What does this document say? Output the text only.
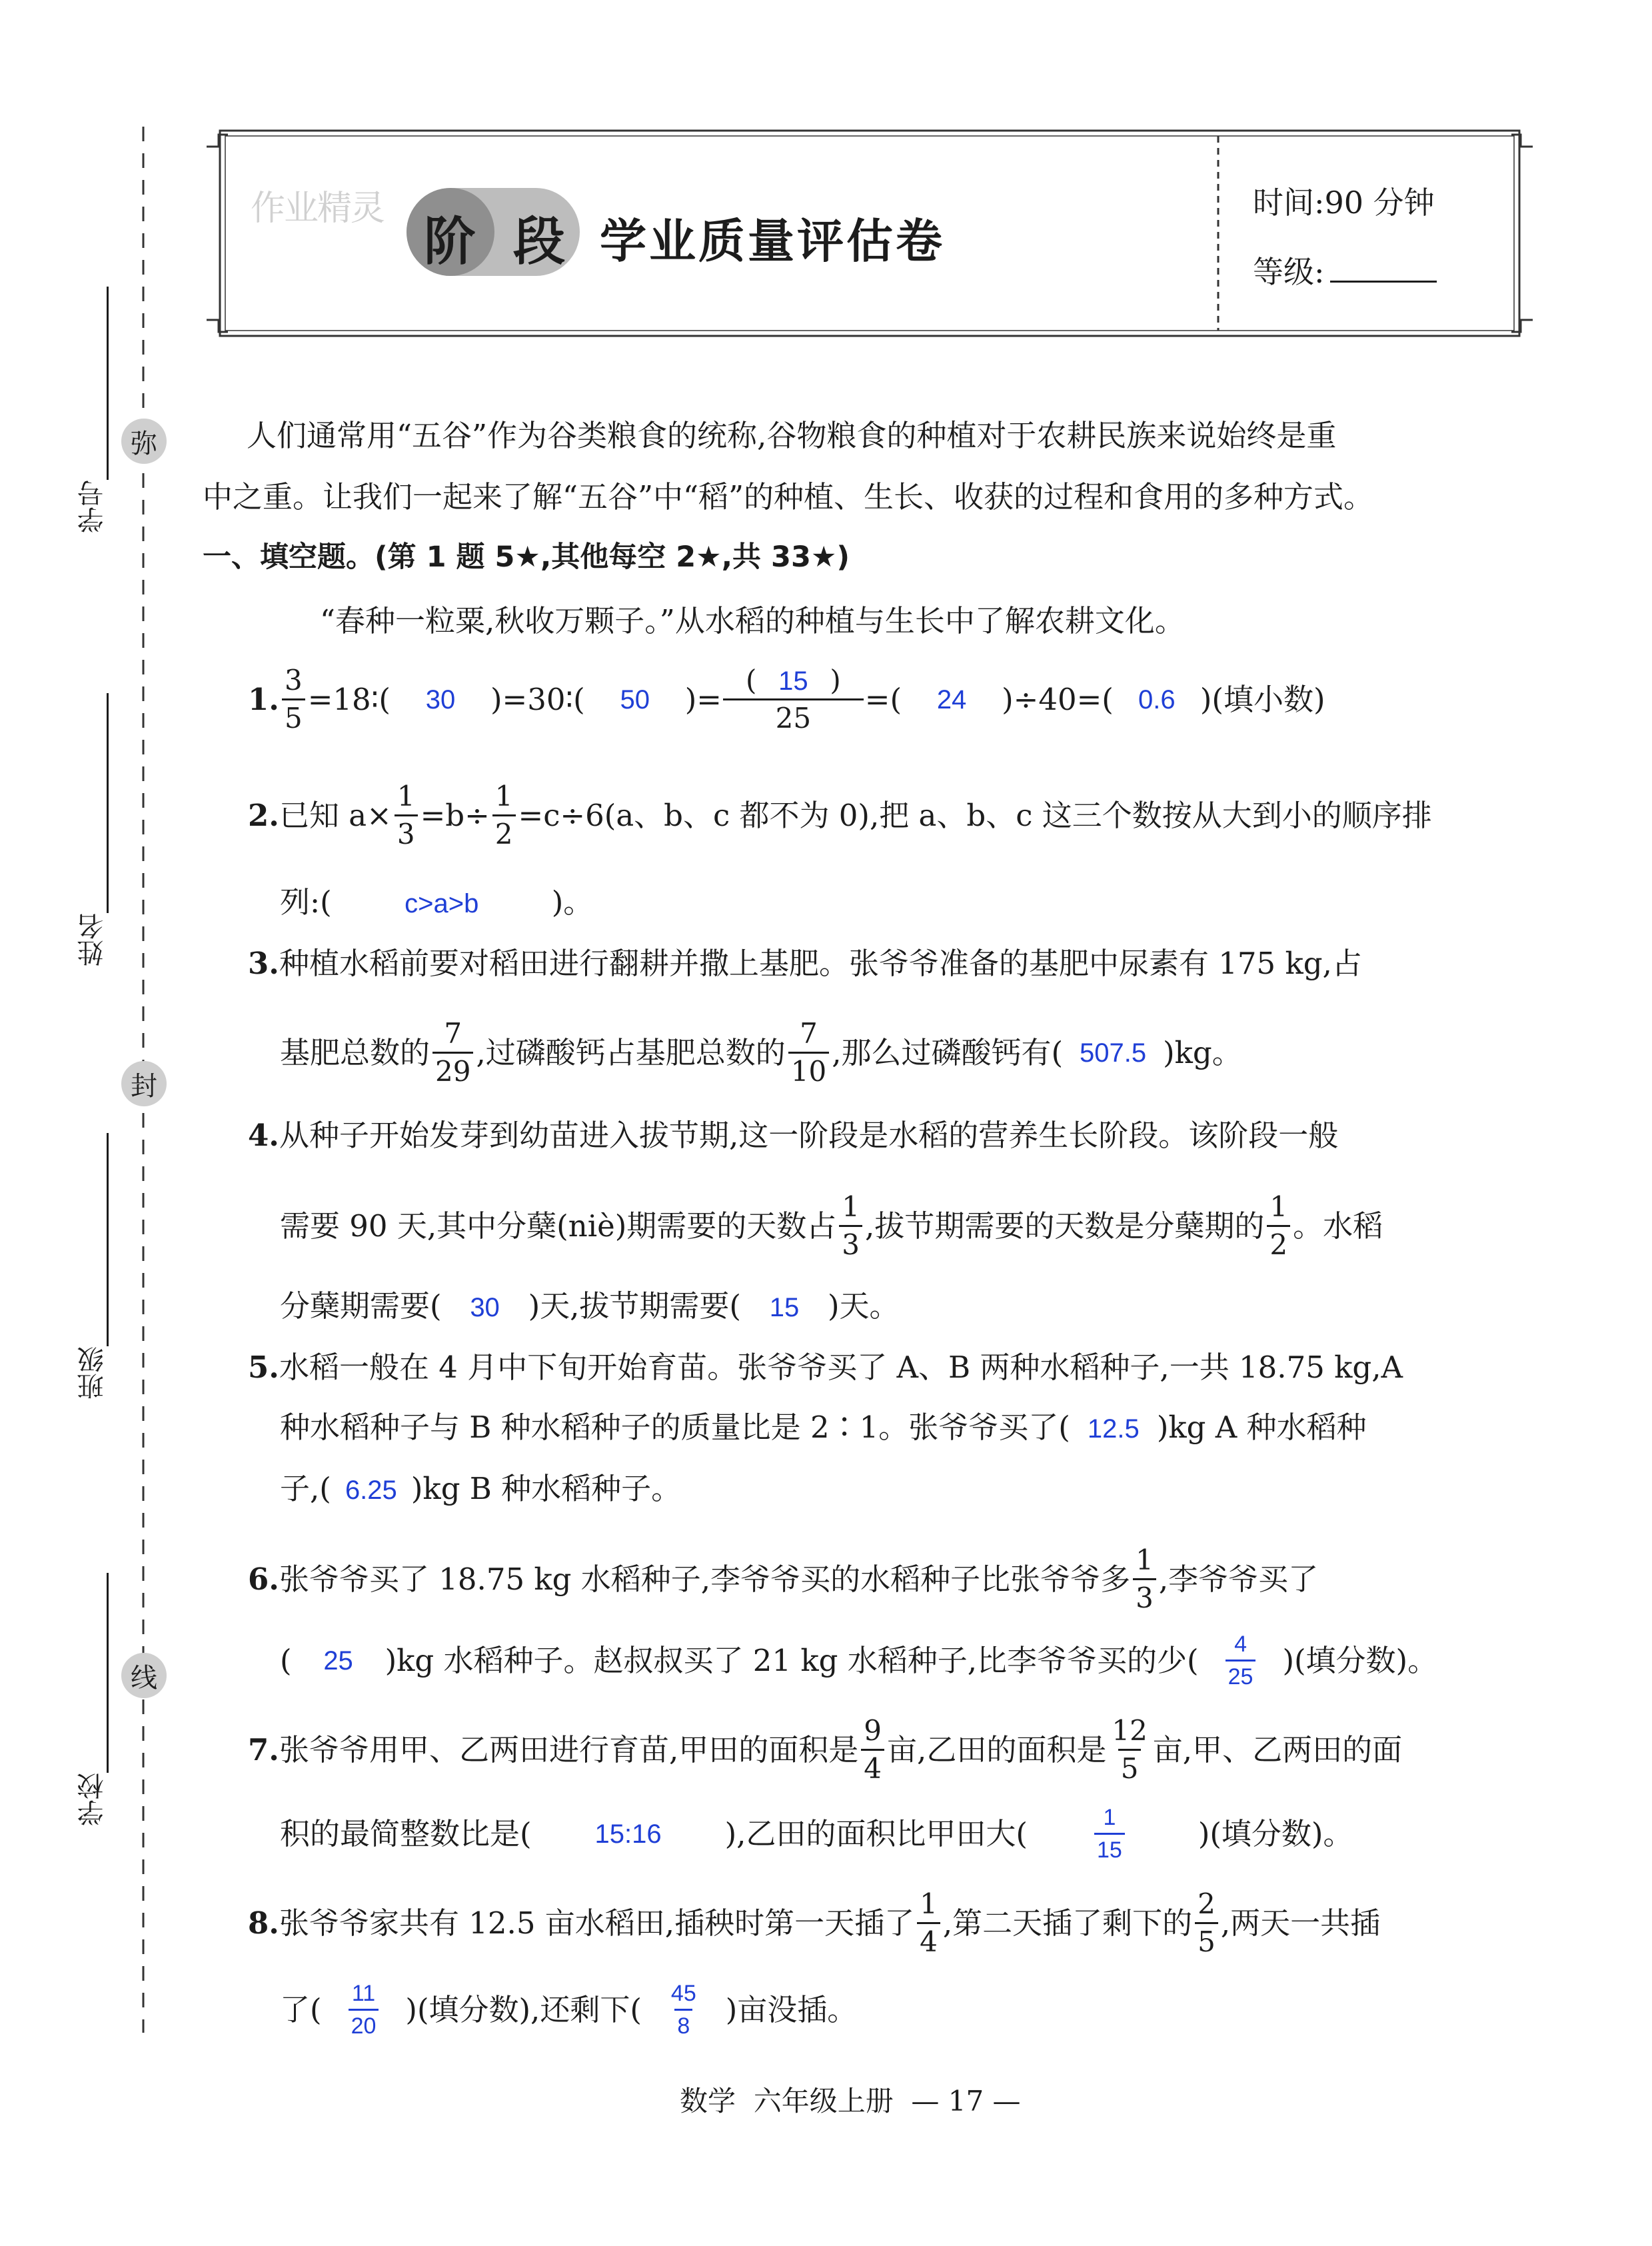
弥
封
线
学号
姓名
班级
学校
作业精灵
阶 段 学业质量评估卷
时间:90 分钟
等级:
人们通常用“五谷”作为谷类粮食的统称,谷物粮食的种植对于农耕民族来说始终是重
中之重。让我们一起来了解“五谷”中“稻”的种植、生长、收获的过程和食用的多种方式。
一、填空题。(第 1 题 5★,其他每空 2★,共 33★)
“春种一粒粟,秋收万颗子。”从水稻的种植与生长中了解农耕文化。
1. $\frac{3}{5}$ =18∶(	30	)=30∶(	50	)= $\frac{( 15 )}{25}$ =(	24	)÷40=( 0.6 )(填小数)
2. 已知 $a\times \frac{1}{3} =b\div \frac{1}{2} =c\div 6(a$、b、c 都不为 0),把 a、b、c 这三个数按从大到小的顺序排
列:(	c>a>b )。
3.种植水稻前要对稻田进行翻耕并撒上基肥。张爷爷准备的基肥中尿素有 175 kg,占
基肥总数的 $\frac{7}{29}$ ,过磷酸钙占基肥总数的 $\frac{7}{10}$ ,那么过磷酸钙有( 507.5 )kg。
4.从种子开始发芽到幼苗进入拔节期,这一阶段是水稻的营养生长阶段。该阶段一般
需要 90 天,其中分蘖(niè)期需要的天数占 $\frac{1}{3}$ ,拔节期需要的天数是分蘖期的 $\frac{1}{2}$ 。水稻
分蘖期需要( 30 )天,拔节期需要( 15 )天。
5.水稻一般在 4 月中下旬开始育苗。张爷爷买了 A、B 两种水稻种子,一共 18.75 kg,A
种水稻种子与 B 种水稻种子的质量比是 2∶1。张爷爷买了( 12.5 )kg A 种水稻种
子,( 6.25 )kg B 种水稻种子。
6. 张爷爷买了 18.75 kg 水稻种子,李爷爷买的水稻种子比张爷爷多 $\frac{1}{3}$ ,李爷爷买了
(	25	)kg 水稻种子。赵叔叔买了 21 kg 水稻种子,比李爷爷买的少( $\frac{4}{25}$ )(填分数)。
7. 张爷爷用甲、乙两田进行育苗,甲田的面积是 $\frac{9}{4}$ 亩,乙田的面积是 $\frac{12}{5}$ 亩,甲、乙两田的面
积的最简整数比是(	15:16	),乙田的面积比甲田大(	$\frac{1}{15}$ )(填分数)。
8. 张爷爷家共有 12.5 亩水稻田,插秧时第一天插了 $\frac{1}{4}$ ,第二天插了剩下的 $\frac{2}{5}$ ,两天一共插
了( $\frac{11}{20}$ )(填分数),还剩下( $\frac{45}{8}$ )亩没插。
数学  六年级上册  — 17 —
